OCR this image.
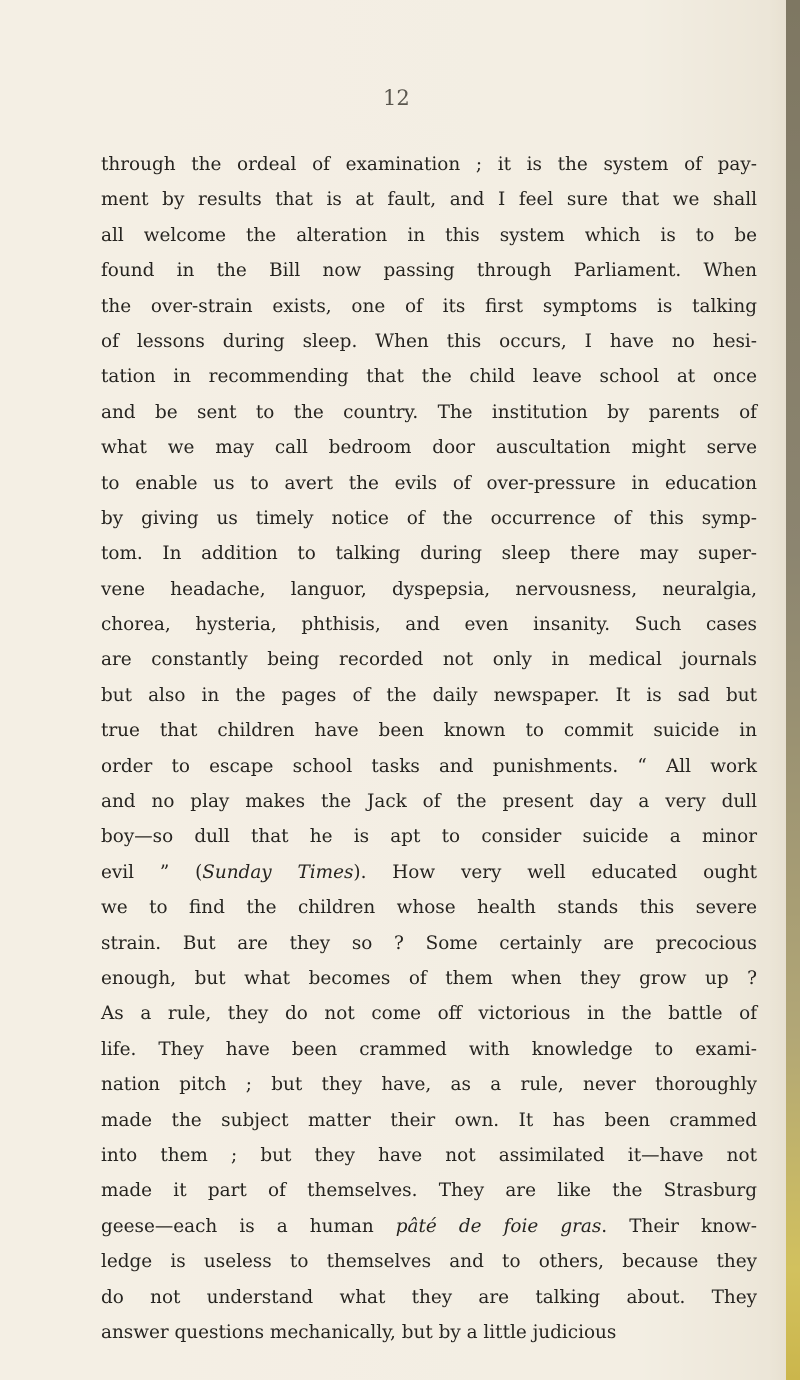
12
through the ordeal of examination ; it is the system of pay-
ment by results that is at fault, and I feel sure that we shall
all welcome the alteration in this system which is to be
found in the Bill now passing through Parliament. When
the over-strain exists, one of its first symptoms is talking
of lessons during sleep. When this occurs, I have no hesi-
tation in recommending that the child leave school at once
and be sent to the country. The institution by parents of
what we may call bedroom door auscultation might serve
to enable us to avert the evils of over-pressure in education
by giving us timely notice of the occurrence of this symp-
tom. In addition to talking during sleep there may super-
vene headache, languor, dyspepsia, nervousness, neuralgia,
chorea, hysteria, phthisis, and even insanity. Such cases
are constantly being recorded not only in medical journals
but also in the pages of the daily newspaper. It is sad but
true that children have been known to commit suicide in
order to escape school tasks and punishments. “ All work
and no play makes the Jack of the present day a very dull
boy—so dull that he is apt to consider suicide a minor
evil ” (Sunday Times). How very well educated ought
we to find the children whose health stands this severe
strain. But are they so ? Some certainly are precocious
enough, but what becomes of them when they grow up ?
As a rule, they do not come off victorious in the battle of
life. They have been crammed with knowledge to exami-
nation pitch ; but they have, as a rule, never thoroughly
made the subject matter their own. It has been crammed
into them ; but they have not assimilated it—have not
made it part of themselves. They are like the Strasburg
geese—each is a human pâté de foie gras. Their know-
ledge is useless to themselves and to others, because they
do not understand what they are talking about. They
answer questions mechanically, but by a little judicious
